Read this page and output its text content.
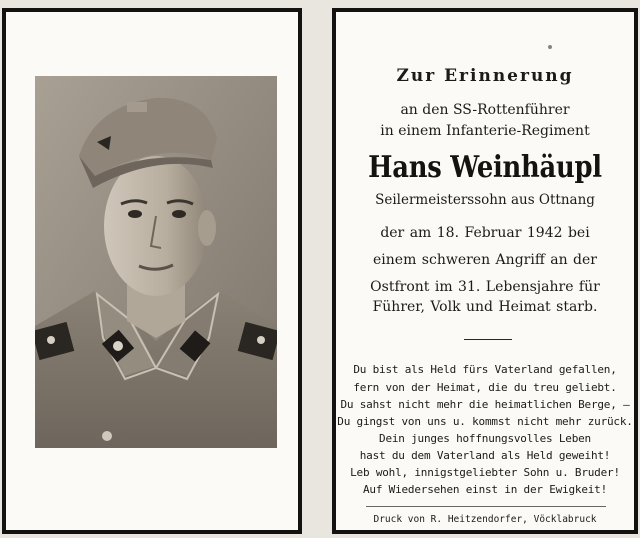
Zur Erinnerung
an den SS-Rottenführer
in einem Infanterie-Regiment
Hans Weinhäupl
Seilermeisterssohn aus Ottnang
der am 18. Februar 1942 bei
einem schweren Angriff an der
Ostfront im 31. Lebensjahre für
Führer, Volk und Heimat starb.
Du bist als Held fürs Vaterland gefallen,
fern von der Heimat, die du treu geliebt.
Du sahst nicht mehr die heimatlichen Berge, —
Du gingst von uns u. kommst nicht mehr zurück.
Dein junges hoffnungsvolles Leben
hast du dem Vaterland als Held geweiht!
Leb wohl, innigstgeliebter Sohn u. Bruder!
Auf Wiedersehen einst in der Ewigkeit!
Druck von R. Heitzendorfer, Vöcklabruck
